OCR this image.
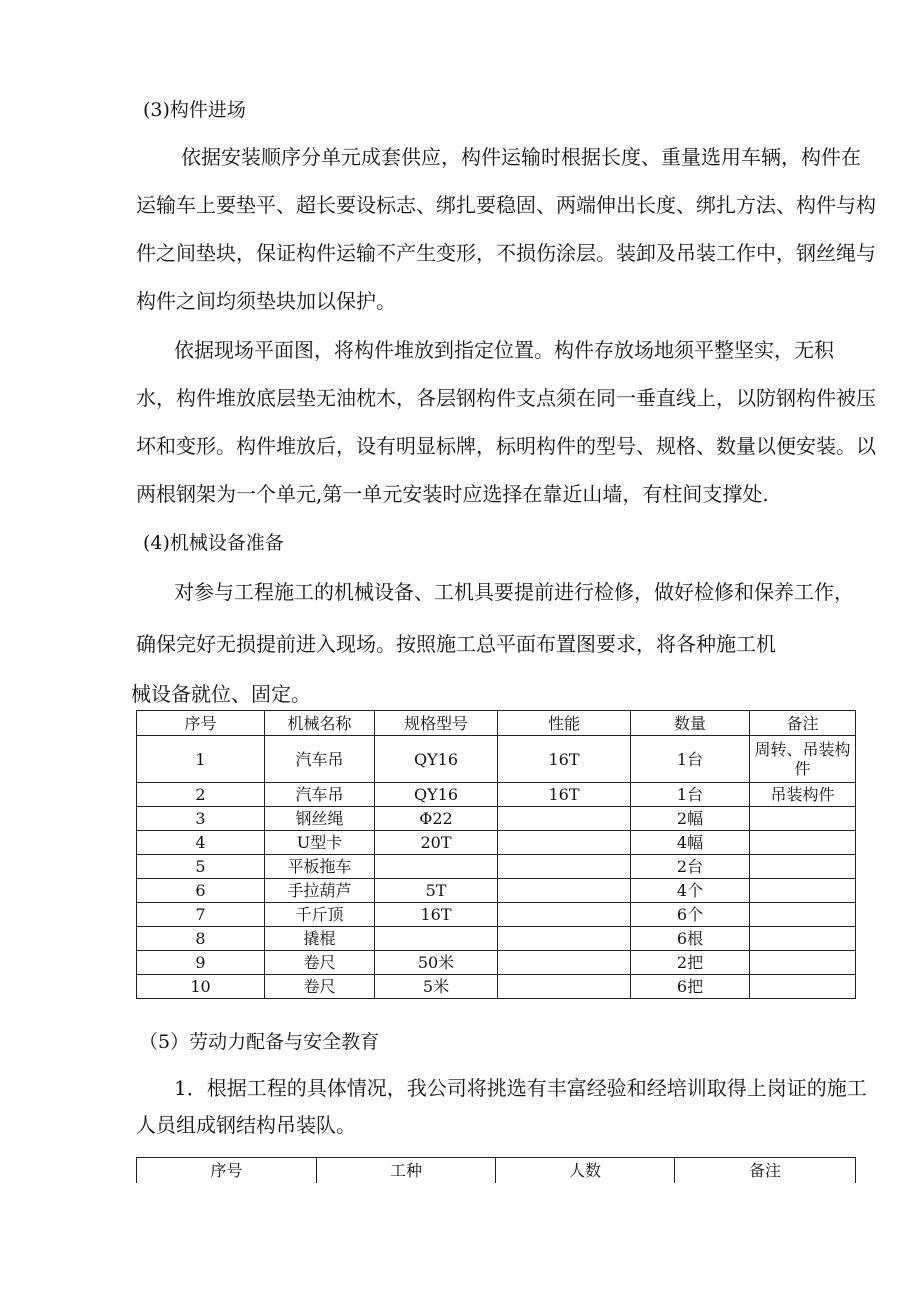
(3)构件进场
依据安装顺序分单元成套供应，构件运输时根据长度、重量选用车辆，构件在
运输车上要垫平、超长要设标志、绑扎要稳固、两端伸出长度、绑扎方法、构件与构
件之间垫块，保证构件运输不产生变形，不损伤涂层。装卸及吊装工作中，钢丝绳与
构件之间均须垫块加以保护。
依据现场平面图，将构件堆放到指定位置。构件存放场地须平整坚实，无积
水，构件堆放底层垫无油枕木，各层钢构件支点须在同一垂直线上，以防钢构件被压
坏和变形。构件堆放后，设有明显标牌，标明构件的型号、规格、数量以便安装。以
两根钢架为一个单元,第一单元安装时应选择在靠近山墙，有柱间支撑处.
(4)机械设备准备
对参与工程施工的机械设备、工机具要提前进行检修，做好检修和保养工作，
确保完好无损提前进入现场。按照施工总平面布置图要求，将各种施工机
械设备就位、固定。
序号	机械名称	规格型号	性能	数量	备注
1	汽车吊	QY16	16T	1台	周转、吊装构件
2	汽车吊	QY16	16T	1台	吊装构件
3	钢丝绳	Φ22		2幅	
4	U型卡	20T		4幅	
5	平板拖车			2台	
6	手拉葫芦	5T		4个	
7	千斤顶	16T		6个	
8	撬棍			6根	
9	卷尺	50米		2把	
10	卷尺	5米		6把	
（5）劳动力配备与安全教育
1．根据工程的具体情况，我公司将挑选有丰富经验和经培训取得上岗证的施工
人员组成钢结构吊装队。
序号	工种	人数	备注
